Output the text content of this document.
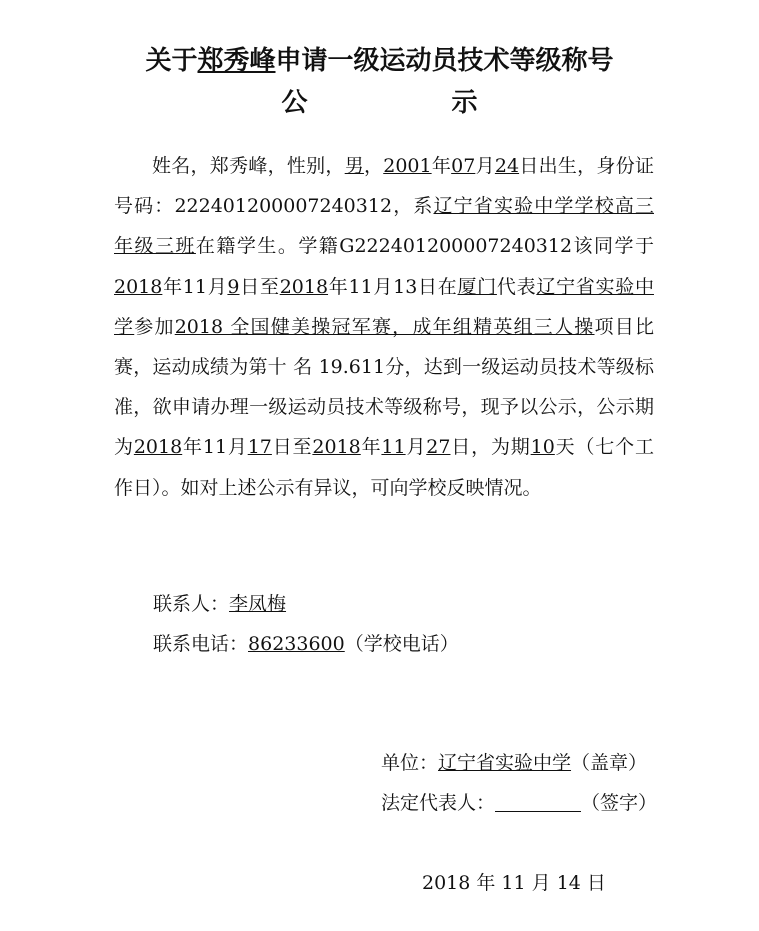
关于郑秀峰申请一级运动员技术等级称号
公	示

姓名，郑秀峰，性别，男，2001年07月24日出生，身份证号码：222401200007240312，系辽宁省实验中学学校高三年级三班在籍学生。学籍G222401200007240312该同学于2018年11月9日至2018年11月13日在厦门代表辽宁省实验中学参加2018 全国健美操冠军赛，成年组精英组三人操项目比赛，运动成绩为第十 名 19.611分，达到一级运动员技术等级标准，欲申请办理一级运动员技术等级称号，现予以公示，公示期为2018年11月17日至2018年11月27日，为期10天（七个工作日）。如对上述公示有异议，可向学校反映情况。

联系人：李凤梅
联系电话：86233600（学校电话）
单位：辽宁省实验中学（盖章）
法定代表人：	（签字）
2018 年 11 月 14 日
